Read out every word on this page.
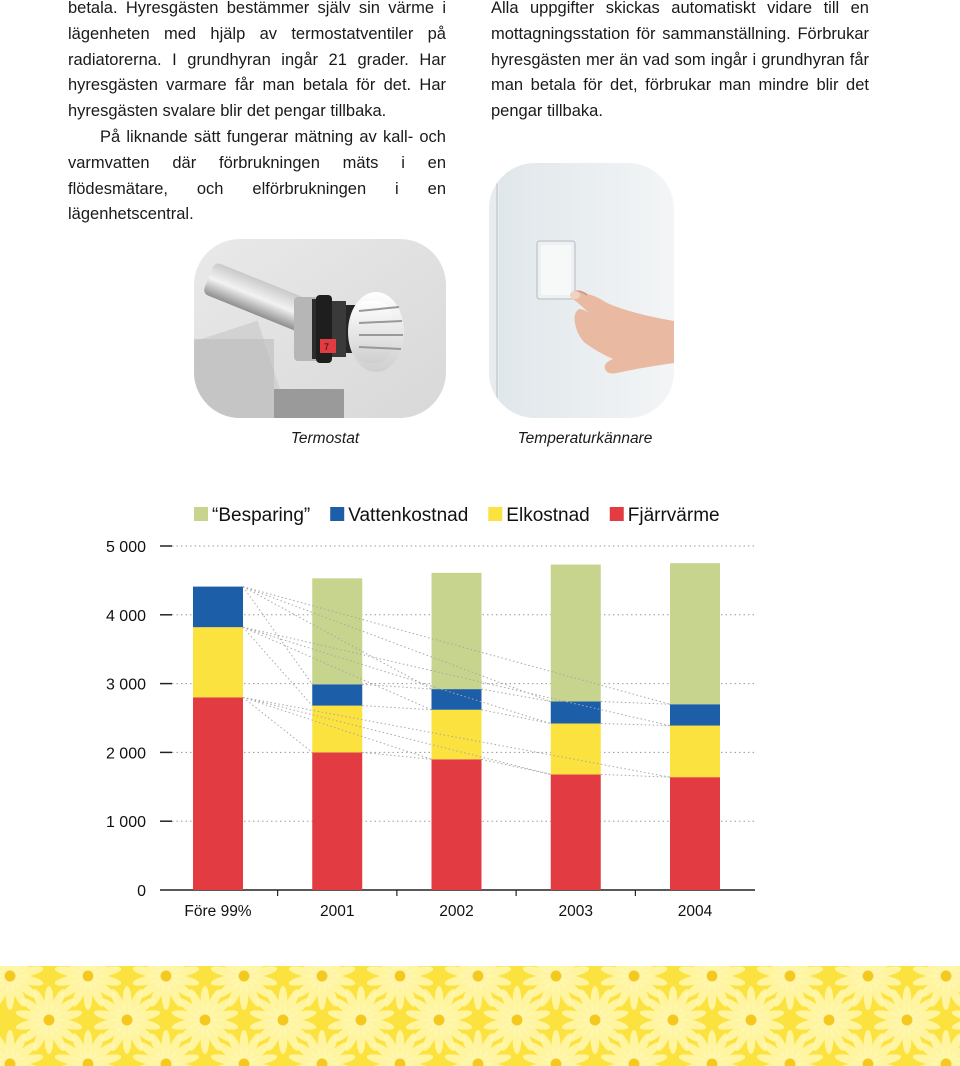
betala. Hyresgästen bestämmer själv sin värme i lägenheten med hjälp av termostatventiler på radiatorerna. I grundhyran ingår 21 grader. Har hyresgästen varmare får man betala för det. Har hyresgästen svalare blir det pengar tillbaka.

På liknande sätt fungerar mätning av kall- och varmvatten där förbrukningen mäts i en flödesmätare, och elförbrukningen i en lägenhetscentral.

Alla uppgifter skickas automatiskt vidare till en mottagningsstation för sammanställning. Förbrukar hyresgästen mer än vad som ingår i grundhyran får man betala för det, förbrukar man mindre blir det pengar tillbaka.

7
Termostat	Temperaturkännare
0
1 000
2 000
3 000
4 000
5 000
Före 99%	2001	2002	2003	2004
“Besparing” Vattenkostnad Elkostnad Fjärrvärme
